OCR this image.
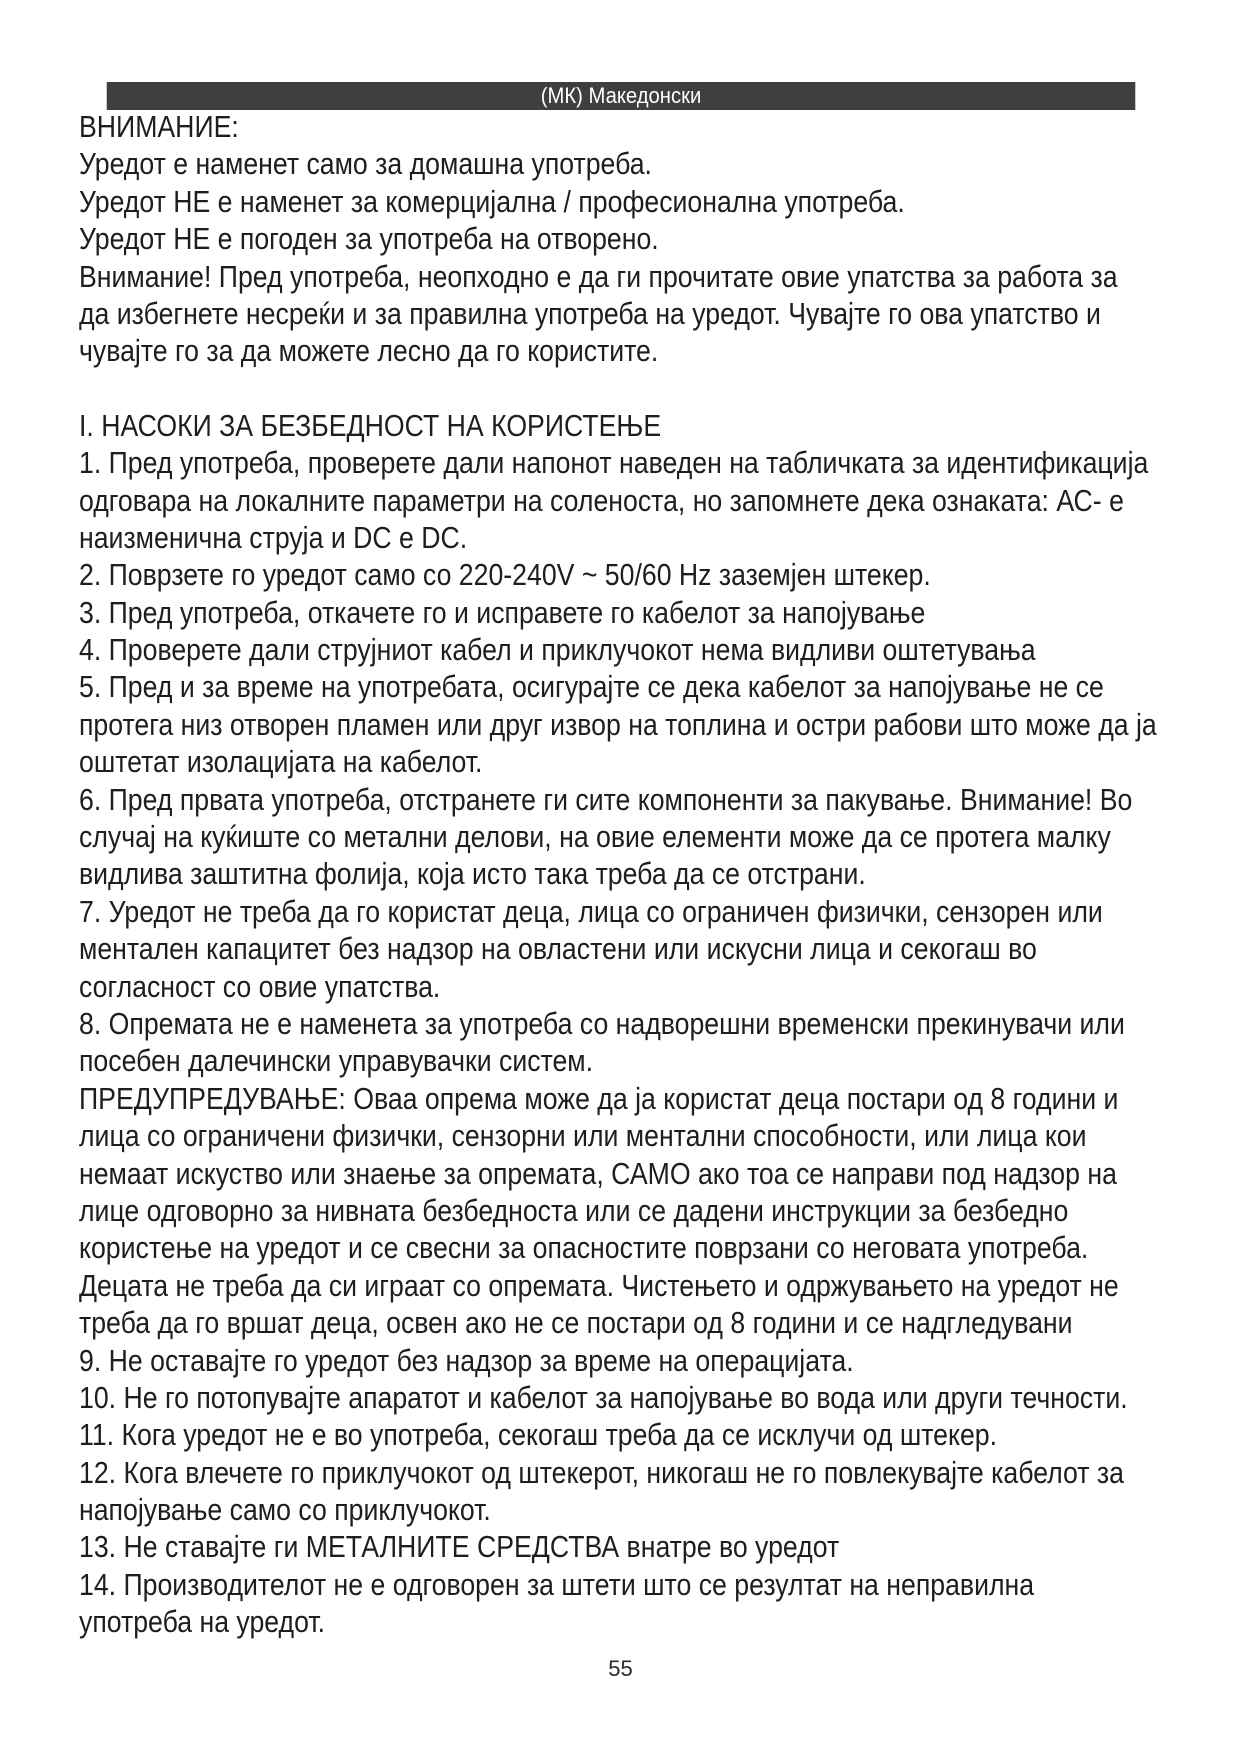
(МК) Македонски
ВНИМАНИЕ:
Уредот е наменет само за домашна употреба.
Уредот НЕ е наменет за комерцијална / професионална употреба.
Уредот НЕ е погоден за употреба на отворено.
Внимание! Пред употреба, неопходно е да ги прочитате овие упатства за работа за
да избегнете несреќи и за правилна употреба на уредот. Чувајте го ова упатство и
чувајте го за да можете лесно да го користите.
I. НАСОКИ ЗА БЕЗБЕДНОСТ НА КОРИСТЕЊЕ
1. Пред употреба, проверете дали напонот наведен на табличката за идентификација
одговара на локалните параметри на соленоста, но запомнете дека ознаката: АС- е
наизменична струја и DC е DC.
2. Поврзете го уредот само со 220-240V ~ 50/60 Hz заземјен штекер.
3. Пред употреба, откачете го и исправете го кабелот за напојување
4. Проверете дали струјниот кабел и приклучокот нема видливи оштетувања
5. Пред и за време на употребата, осигурајте се дека кабелот за напојување не се
протега низ отворен пламен или друг извор на топлина и остри рабови што може да ја
оштетат изолацијата на кабелот.
6. Пред првата употреба, отстранете ги сите компоненти за пакување. Внимание! Во
случај на куќиште со метални делови, на овие елементи може да се протега малку
видлива заштитна фолија, која исто така треба да се отстрани.
7. Уредот не треба да го користат деца, лица со ограничен физички, сензорен или
ментален капацитет без надзор на овластени или искусни лица и секогаш во
согласност со овие упатства.
8. Опремата не е наменета за употреба со надворешни временски прекинувачи или
посебен далечински управувачки систем.
ПРЕДУПРЕДУВАЊЕ: Оваа опрема може да ја користат деца постари од 8 години и
лица со ограничени физички, сензорни или ментални способности, или лица кои
немаат искуство или знаење за опремата, САМО ако тоа се направи под надзор на
лице одговорно за нивната безбедноста или се дадени инструкции за безбедно
користење на уредот и се свесни за опасностите поврзани со неговата употреба.
Децата не треба да си играат со опремата. Чистењето и одржувањето на уредот не
треба да го вршат деца, освен ако не се постари од 8 години и се надгледувани
9. Не оставајте го уредот без надзор за време на операцијата.
10. Не го потопувајте апаратот и кабелот за напојување во вода или други течности.
11. Кога уредот не е во употреба, секогаш треба да се исклучи од штекер.
12. Кога влечете го приклучокот од штекерот, никогаш не го повлекувајте кабелот за
напојување само со приклучокот.
13. Не ставајте ги МЕТАЛНИТЕ СРЕДСТВА внатре во уредот
14. Производителот не е одговорен за штети што се резултат на неправилна
употреба на уредот.
55
